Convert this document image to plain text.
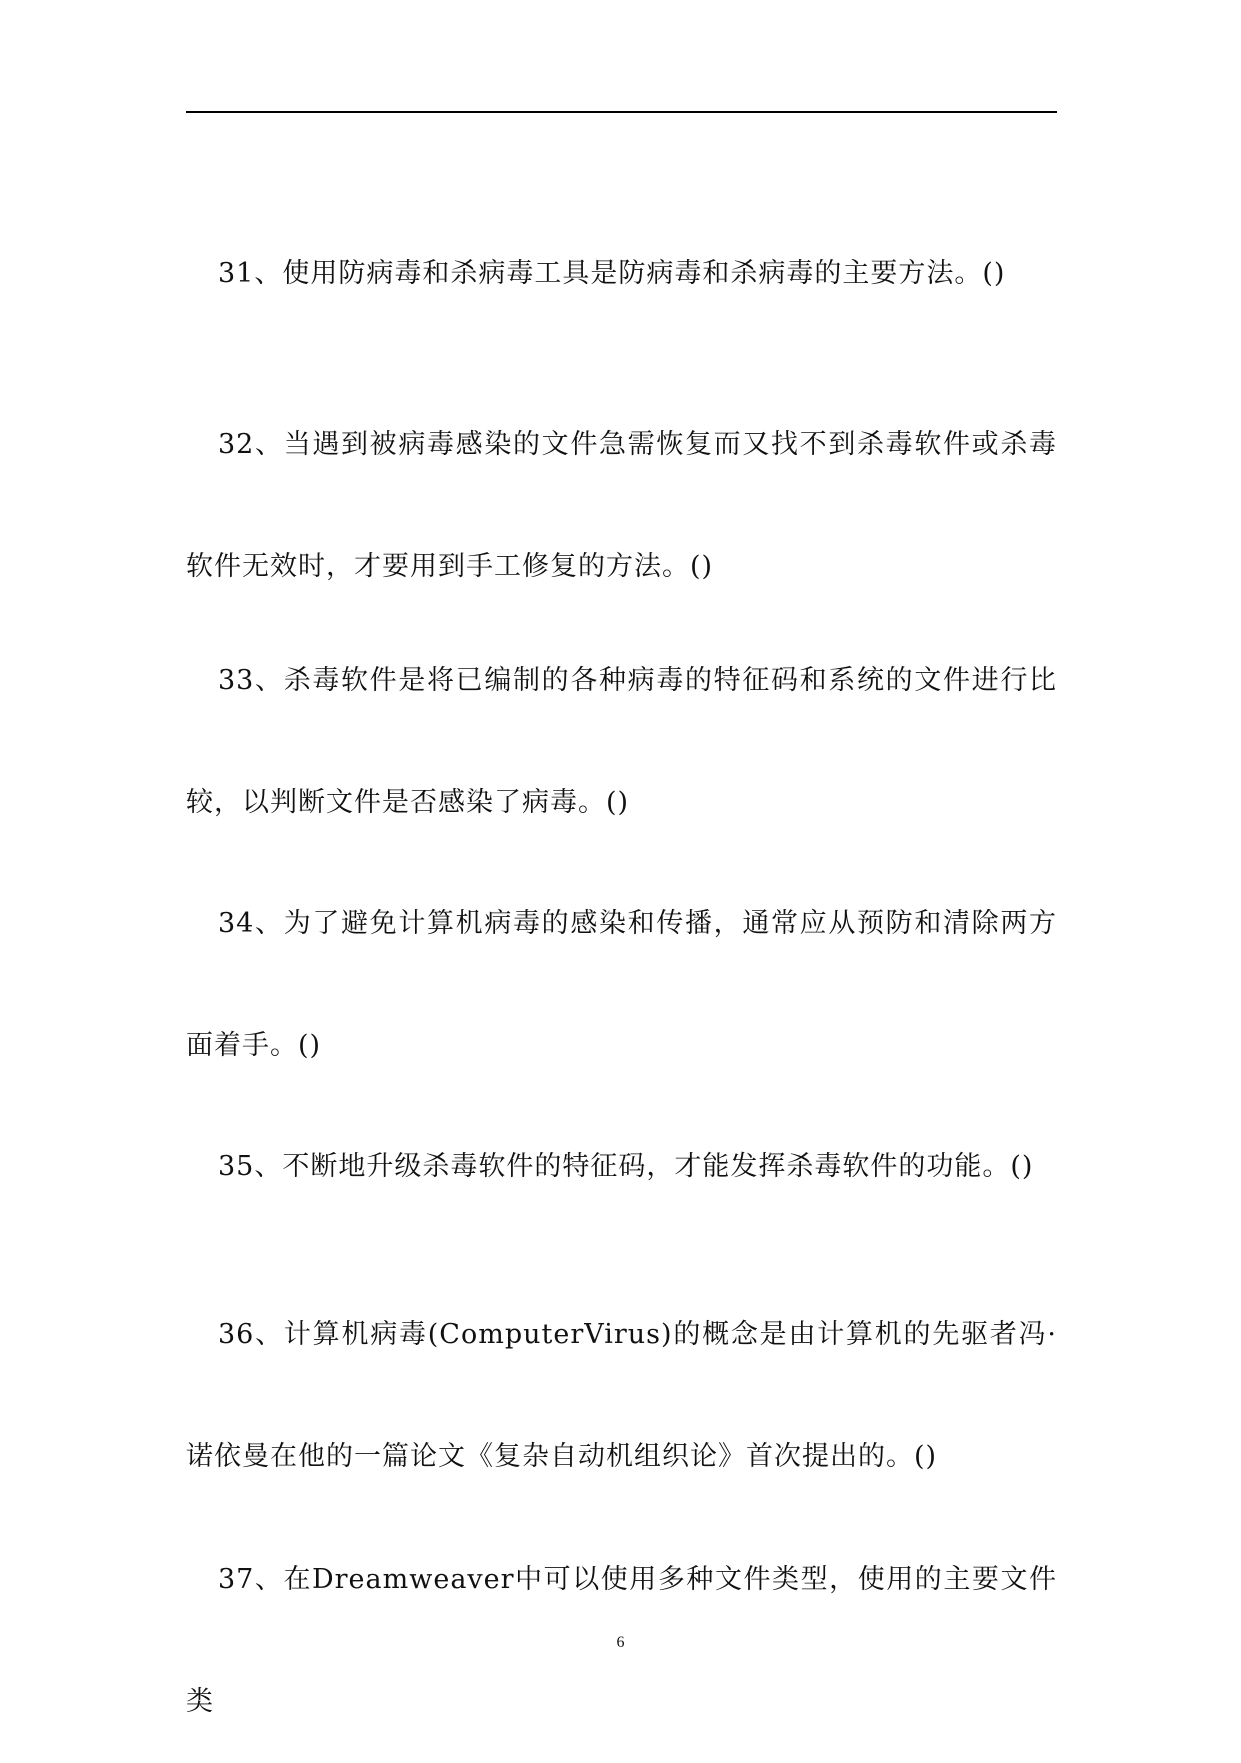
31、使用防病毒和杀病毒工具是防病毒和杀病毒的主要方法。()

32、当遇到被病毒感染的文件急需恢复而又找不到杀毒软件或杀毒软件无效时，才要用到手工修复的方法。()

33、杀毒软件是将已编制的各种病毒的特征码和系统的文件进行比较，以判断文件是否感染了病毒。()

34、为了避免计算机病毒的感染和传播，通常应从预防和清除两方面着手。()

35、不断地升级杀毒软件的特征码，才能发挥杀毒软件的功能。()

36、计算机病毒(ComputerVirus)的概念是由计算机的先驱者冯·诺依曼在他的一篇论文《复杂自动机组织论》首次提出的。()

37、在Dreamweaver中可以使用多种文件类型，使用的主要文件类

6
